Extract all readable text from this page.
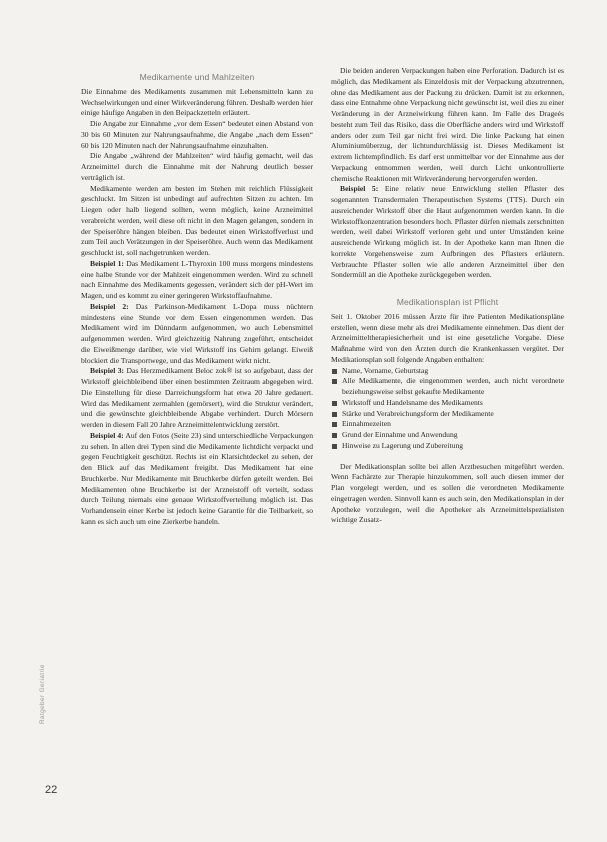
Ratgeber Geriatrie
22
Medikamente und Mahlzeiten

Die Einnahme des Medikaments zusammen mit Lebensmitteln kann zu Wechselwirkungen und einer Wirkveränderung führen. Deshalb werden hier einige häufige Angaben in den Beipackzetteln erläutert.

Die Angabe zur Einnahme „vor dem Essen“ bedeutet einen Abstand von 30 bis 60 Minuten zur Nahrungsaufnahme, die Angabe „nach dem Essen“ 60 bis 120 Minuten nach der Nahrungsaufnahme einzuhalten.

Die Angabe „während der Mahlzeiten“ wird häufig gemacht, weil das Arzneimittel durch die Einnahme mit der Nahrung deutlich besser verträglich ist.

Medikamente werden am besten im Stehen mit reichlich Flüssigkeit geschluckt. Im Sitzen ist unbedingt auf aufrechten Sitzen zu achten. Im Liegen oder halb liegend sollten, wenn möglich, keine Arzneimittel verabreicht werden, weil diese oft nicht in den Magen gelangen, sondern in der Speiseröhre hängen bleiben. Das bedeutet einen Wirkstoffverlust und zum Teil auch Verätzungen in der Speiseröhre. Auch wenn das Medikament geschluckt ist, soll nachgetrunken werden.

Beispiel 1: Das Medikament L-Thyroxin 100 muss morgens mindestens eine halbe Stunde vor der Mahlzeit eingenommen werden. Wird zu schnell nach Einnahme des Medikaments gegessen, verändert sich der pH-Wert im Magen, und es kommt zu einer geringeren Wirkstoffaufnahme.

Beispiel 2: Das Parkinson-Medikament L-Dopa muss nüchtern mindestens eine Stunde vor dem Essen eingenommen werden. Das Medikament wird im Dünndarm aufgenommen, wo auch Lebensmittel aufgenommen werden. Wird gleichzeitig Nahrung zugeführt, entscheidet die Eiweißmenge darüber, wie viel Wirkstoff ins Gehirn gelangt. Eiweiß blockiert die Transportwege, und das Medikament wirkt nicht.

Beispiel 3: Das Herzmedikament Beloc zok® ist so aufgebaut, dass der Wirkstoff gleichbleibend über einen bestimmten Zeitraum abgegeben wird. Die Einstellung für diese Darreichungsform hat etwa 20 Jahre gedauert. Wird das Medikament zermahlen (gemörsert), wird die Struktur verändert, und die gewünschte gleichbleibende Abgabe verhindert. Durch Mörsern werden in diesem Fall 20 Jahre Arzneimittelentwicklung zerstört.

Beispiel 4: Auf den Fotos (Seite 23) sind unterschiedliche Verpackungen zu sehen. In allen drei Typen sind die Medikamente lichtdicht verpackt und gegen Feuchtigkeit geschützt. Rechts ist ein Klarsichtdeckel zu sehen, der den Blick auf das Medikament freigibt. Das Medikament hat eine Bruchkerbe. Nur Medikamente mit Bruchkerbe dürfen geteilt werden. Bei Medikamenten ohne Bruchkerbe ist der Arzneistoff oft verteilt, sodass durch Teilung niemals eine genaue Wirkstoffverteilung möglich ist. Das Vorhandensein einer Kerbe ist jedoch keine Garantie für die Teilbarkeit, so kann es sich auch um eine Zierkerbe handeln.

Die beiden anderen Verpackungen haben eine Perforation. Dadurch ist es möglich, das Medikament als Einzeldosis mit der Verpackung abzutrennen, ohne das Medikament aus der Packung zu drücken. Damit ist zu erkennen, dass eine Entnahme ohne Verpackung nicht gewünscht ist, weil dies zu einer Veränderung in der Arzneiwirkung führen kann. Im Falle des Drageés besteht zum Teil das Risiko, dass die Oberfläche anders wird und Wirkstoff anders oder zum Teil gar nicht frei wird. Die linke Packung hat einen Aluminiumüberzug, der lichtundurchlässig ist. Dieses Medikament ist extrem lichtempfindlich. Es darf erst unmittelbar vor der Einnahme aus der Verpackung entnommen werden, weil durch Licht unkontrollierte chemische Reaktionen mit Wirkveränderung hervorgerufen werden.

Beispiel 5: Eine relativ neue Entwicklung stellen Pflaster des sogenannten Transdermalen Therapeutischen Systems (TTS). Durch ein ausreichender Wirkstoff über die Haut aufgenommen werden kann. In die Wirkstoffkonzentration besonders hoch. Pflaster dürfen niemals zerschnitten werden, weil dabei Wirkstoff verloren geht und unter Umständen keine ausreichende Wirkung möglich ist. In der Apotheke kann man Ihnen die korrekte Vorgehensweise zum Aufbringen des Pflasters erläutern. Verbrauchte Pflaster sollen wie alle anderen Arzneimittel über den Sondermüll an die Apotheke zurückgegeben werden.

Medikationsplan ist Pflicht

Seit 1. Oktober 2016 müssen Ärzte für ihre Patienten Medikationspläne erstellen, wenn diese mehr als drei Medikamente einnehmen. Das dient der Arzneimitteltherapiesicherheit und ist eine gesetzliche Vorgabe. Diese Maßnahme wird von den Ärzten durch die Krankenkassen vergütet. Der Medikationsplan soll folgende Angaben enthalten:

Name, Vorname, Geburtstag
Alle Medikamente, die eingenommen werden, auch nicht verordnete beziehungsweise selbst gekaufte Medikamente
Wirkstoff und Handelsname des Medikaments
Stärke und Verabreichungsform der Medikamente
Einnahmezeiten
Grund der Einnahme und Anwendung
Hinweise zu Lagerung und Zubereitung

Der Medikationsplan sollte bei allen Arztbesuchen mitgeführt werden. Wenn Fachärzte zur Therapie hinzukommen, soll auch diesen immer der Plan vorgelegt werden, und es sollen die verordneten Medikamente eingetragen werden. Sinnvoll kann es auch sein, den Medikationsplan in der Apotheke vorzulegen, weil die Apotheker als Arzneimittelspezialisten wichtige Zusatz-
